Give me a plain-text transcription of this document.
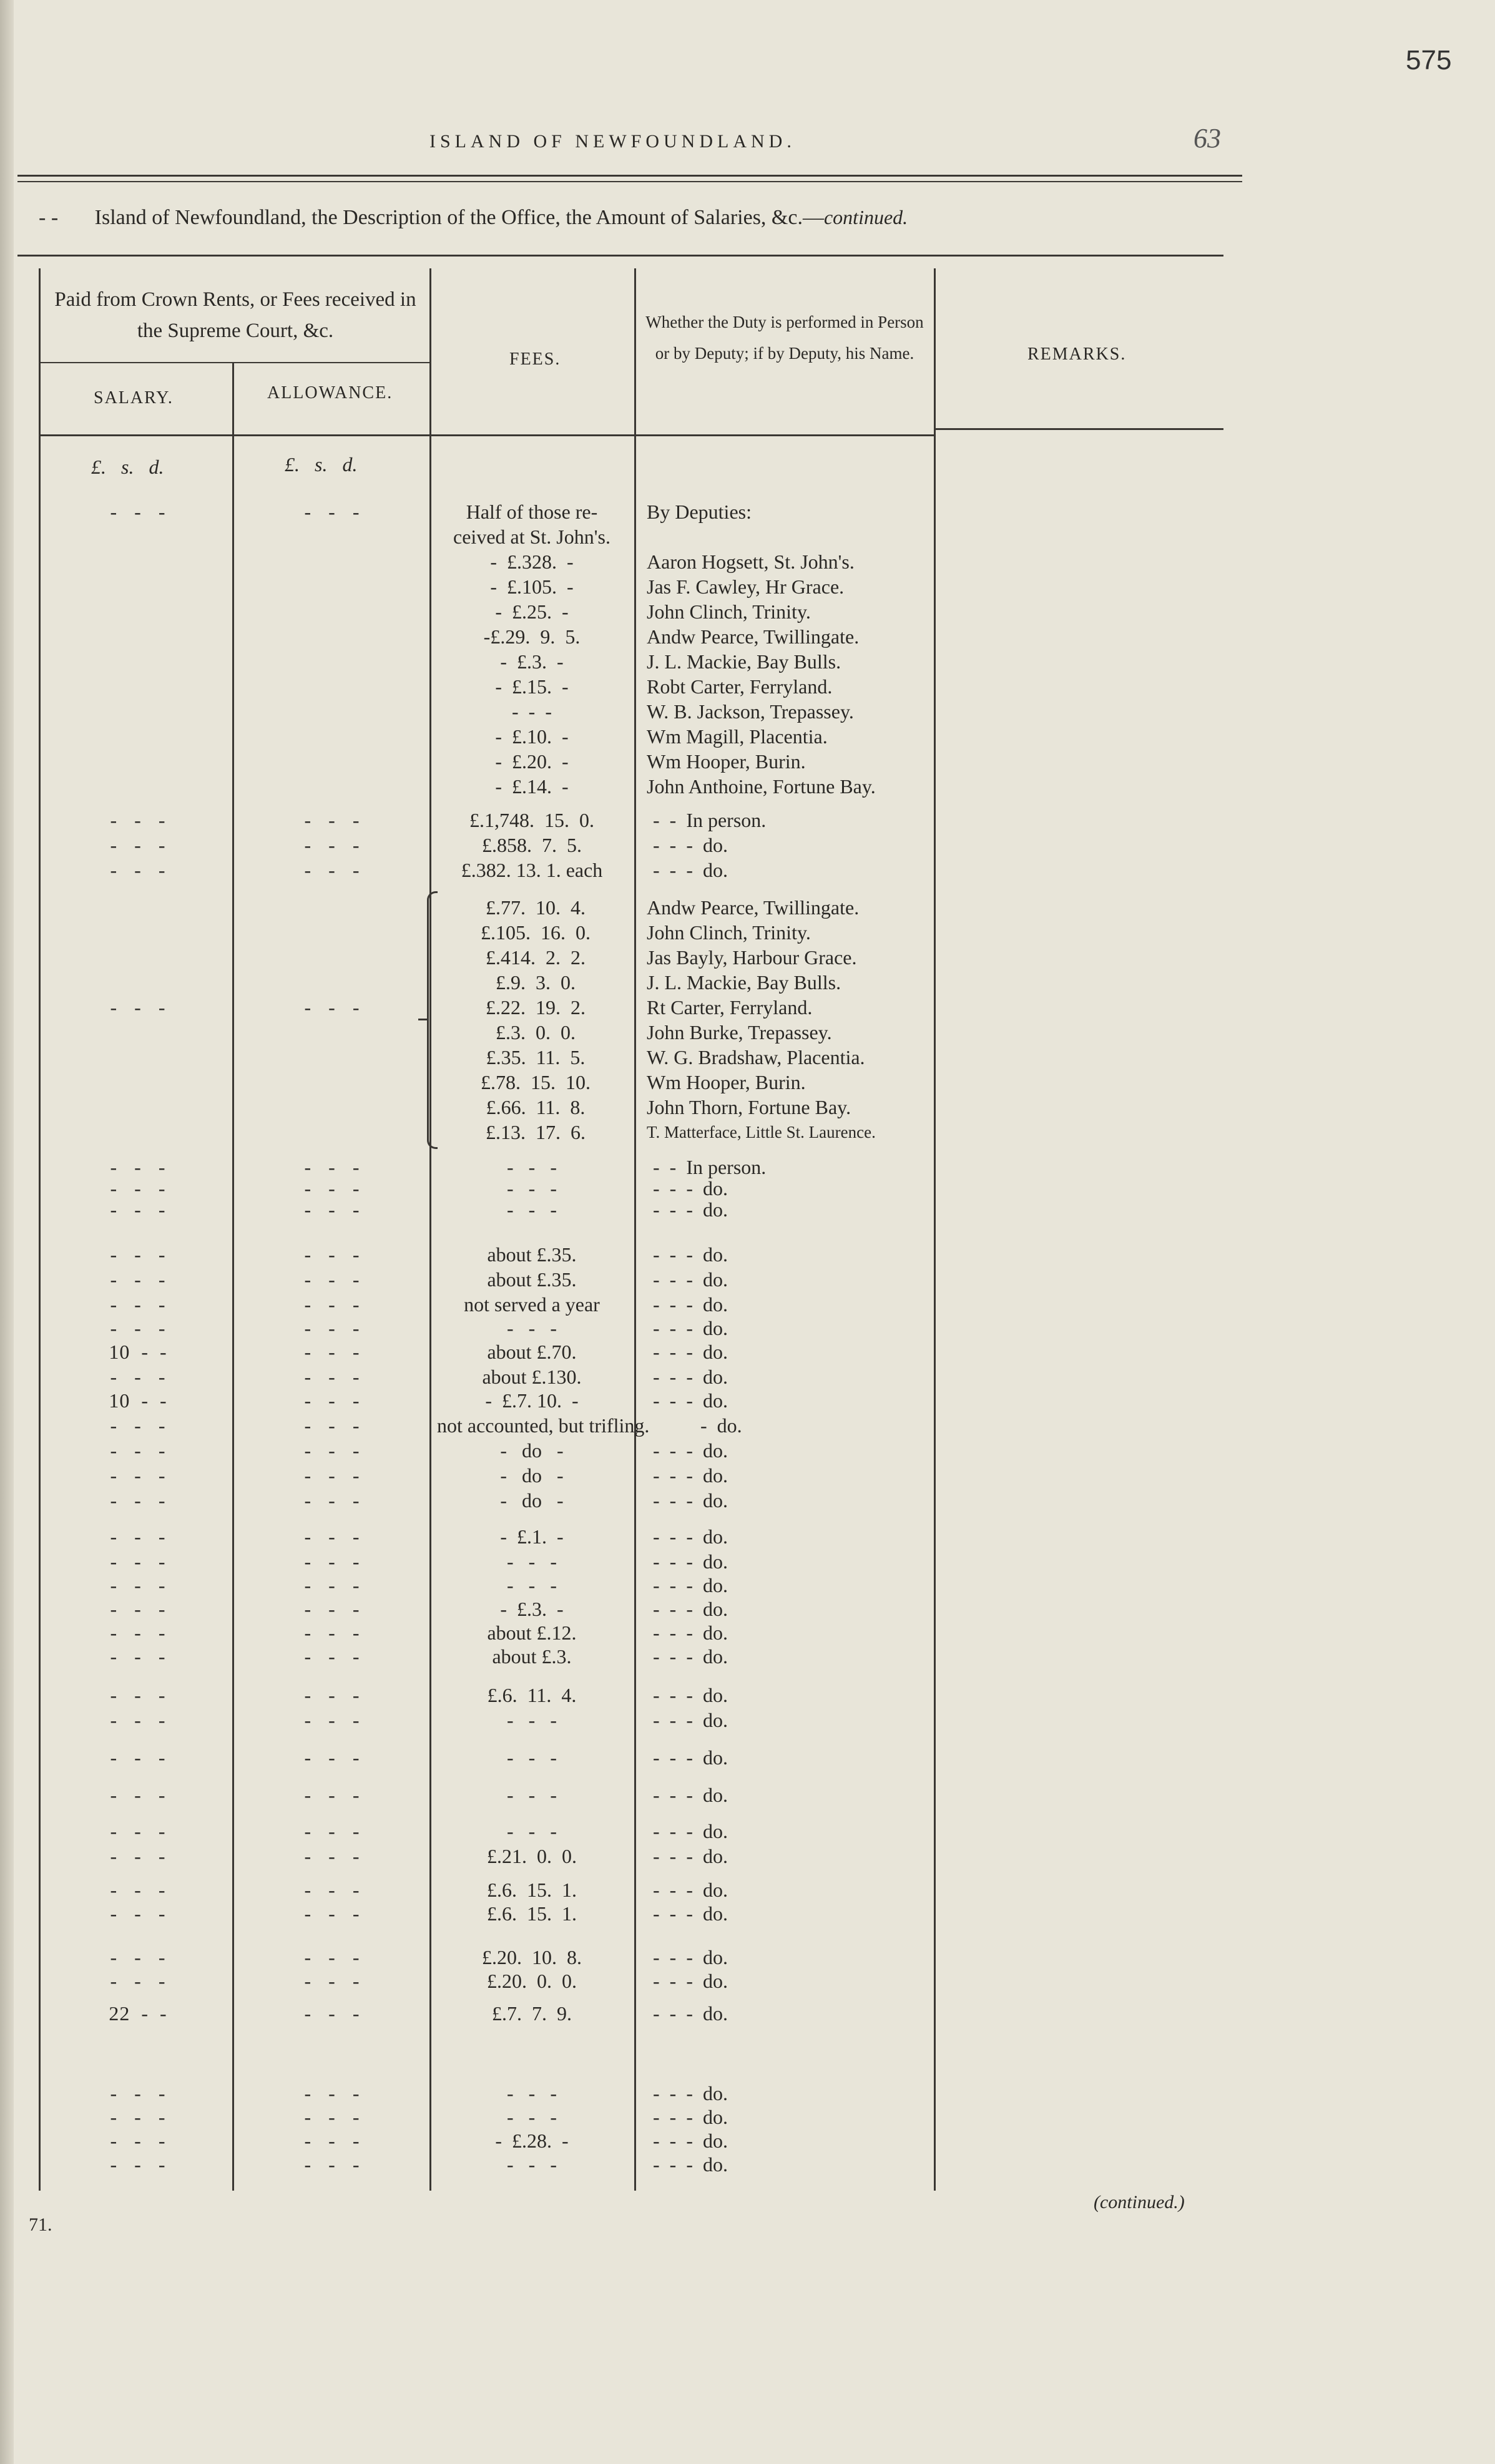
575
ISLAND OF NEWFOUNDLAND.	63
- - Island of Newfoundland, the Description of the Office, the Amount of Salaries, &c.—continued.
Paid from Crown Rents, or Fees received in the Supreme Court, &c.
SALARY.	ALLOWANCE.
FEES.
Whether the Duty is performed in Person or by Deputy; if by Deputy, his Name.	REMARKS.
£.   s.   d.	£.   s.   d.
-   -   -	-   -   -	Half of those re-	By Deputies:
ceived at St. John's.
-  £.328.  -	Aaron Hogsett, St. John's.
-  £.105.  -	Jas F. Cawley, Hr Grace.
-  £.25.  -	John Clinch, Trinity.
-£.29.  9.  5.	Andw Pearce, Twillingate.
-  £.3.  -	J. L. Mackie, Bay Bulls.
-  £.15.  -	Robt Carter, Ferryland.
-  -  -	W. B. Jackson, Trepassey.
-  £.10.  -	Wm Magill, Placentia.
-  £.20.  -	Wm Hooper, Burin.
-  £.14.  -	John Anthoine, Fortune Bay.
-   -   -	-   -   -	£.1,748.  15.  0.	-  -  In person.
-   -   -	-   -   -	£.858.  7.  5.	-  -  -  do.
-   -   -	-   -   -	£.382. 13. 1. each	-  -  -  do.
£.77.  10.  4.	Andw Pearce, Twillingate.
£.105.  16.  0.	John Clinch, Trinity.
£.414.  2.  2.	Jas Bayly, Harbour Grace.
£.9.  3.  0.	J. L. Mackie, Bay Bulls.
-   -   -	-   -   -	£.22.  19.  2.	Rt Carter, Ferryland.
£.3.  0.  0.	John Burke, Trepassey.
£.35.  11.  5.	W. G. Bradshaw, Placentia.
£.78.  15.  10.	Wm Hooper, Burin.
£.66.  11.  8.	John Thorn, Fortune Bay.
£.13.  17.  6.	T. Matterface, Little St. Laurence.
-   -   -	-   -   -	-   -   -	-  -  In person.
-   -   -	-   -   -	-   -   -	-  -  -  do.
-   -   -	-   -   -	-   -   -	-  -  -  do.
-   -   -	-   -   -	about £.35.	-  -  -  do.
-   -   -	-   -   -	about £.35.	-  -  -  do.
-   -   -	-   -   -	not served a year	-  -  -  do.
-   -   -	-   -   -	-   -   -	-  -  -  do.
10  -  -	-   -   -	about £.70.	-  -  -  do.
-   -   -	-   -   -	about £.130.	-  -  -  do.
10  -  -	-   -   -	-  £.7. 10.  -	-  -  -  do.
-   -   -	-   -   -	not accounted, but trifling.	-  do.
-   -   -	-   -   -	-   do   -	-  -  -  do.
-   -   -	-   -   -	-   do   -	-  -  -  do.
-   -   -	-   -   -	-   do   -	-  -  -  do.
-   -   -	-   -   -	-  £.1.  -	-  -  -  do.
-   -   -	-   -   -	-   -   -	-  -  -  do.
-   -   -	-   -   -	-   -   -	-  -  -  do.
-   -   -	-   -   -	-  £.3.  -	-  -  -  do.
-   -   -	-   -   -	about £.12.	-  -  -  do.
-   -   -	-   -   -	about £.3.	-  -  -  do.
-   -   -	-   -   -	£.6.  11.  4.	-  -  -  do.
-   -   -	-   -   -	-   -   -	-  -  -  do.
-   -   -	-   -   -	-   -   -	-  -  -  do.
-   -   -	-   -   -	-   -   -	-  -  -  do.
-   -   -	-   -   -	-   -   -	-  -  -  do.
-   -   -	-   -   -	£.21.  0.  0.	-  -  -  do.
-   -   -	-   -   -	£.6.  15.  1.	-  -  -  do.
-   -   -	-   -   -	£.6.  15.  1.	-  -  -  do.
-   -   -	-   -   -	£.20.  10.  8.	-  -  -  do.
-   -   -	-   -   -	£.20.  0.  0.	-  -  -  do.
22  -  -	-   -   -	£.7.  7.  9.	-  -  -  do.
-   -   -	-   -   -	-   -   -	-  -  -  do.
-   -   -	-   -   -	-   -   -	-  -  -  do.
-   -   -	-   -   -	-  £.28.  -	-  -  -  do.
-   -   -	-   -   -	-   -   -	-  -  -  do.
71.
(continued.)
